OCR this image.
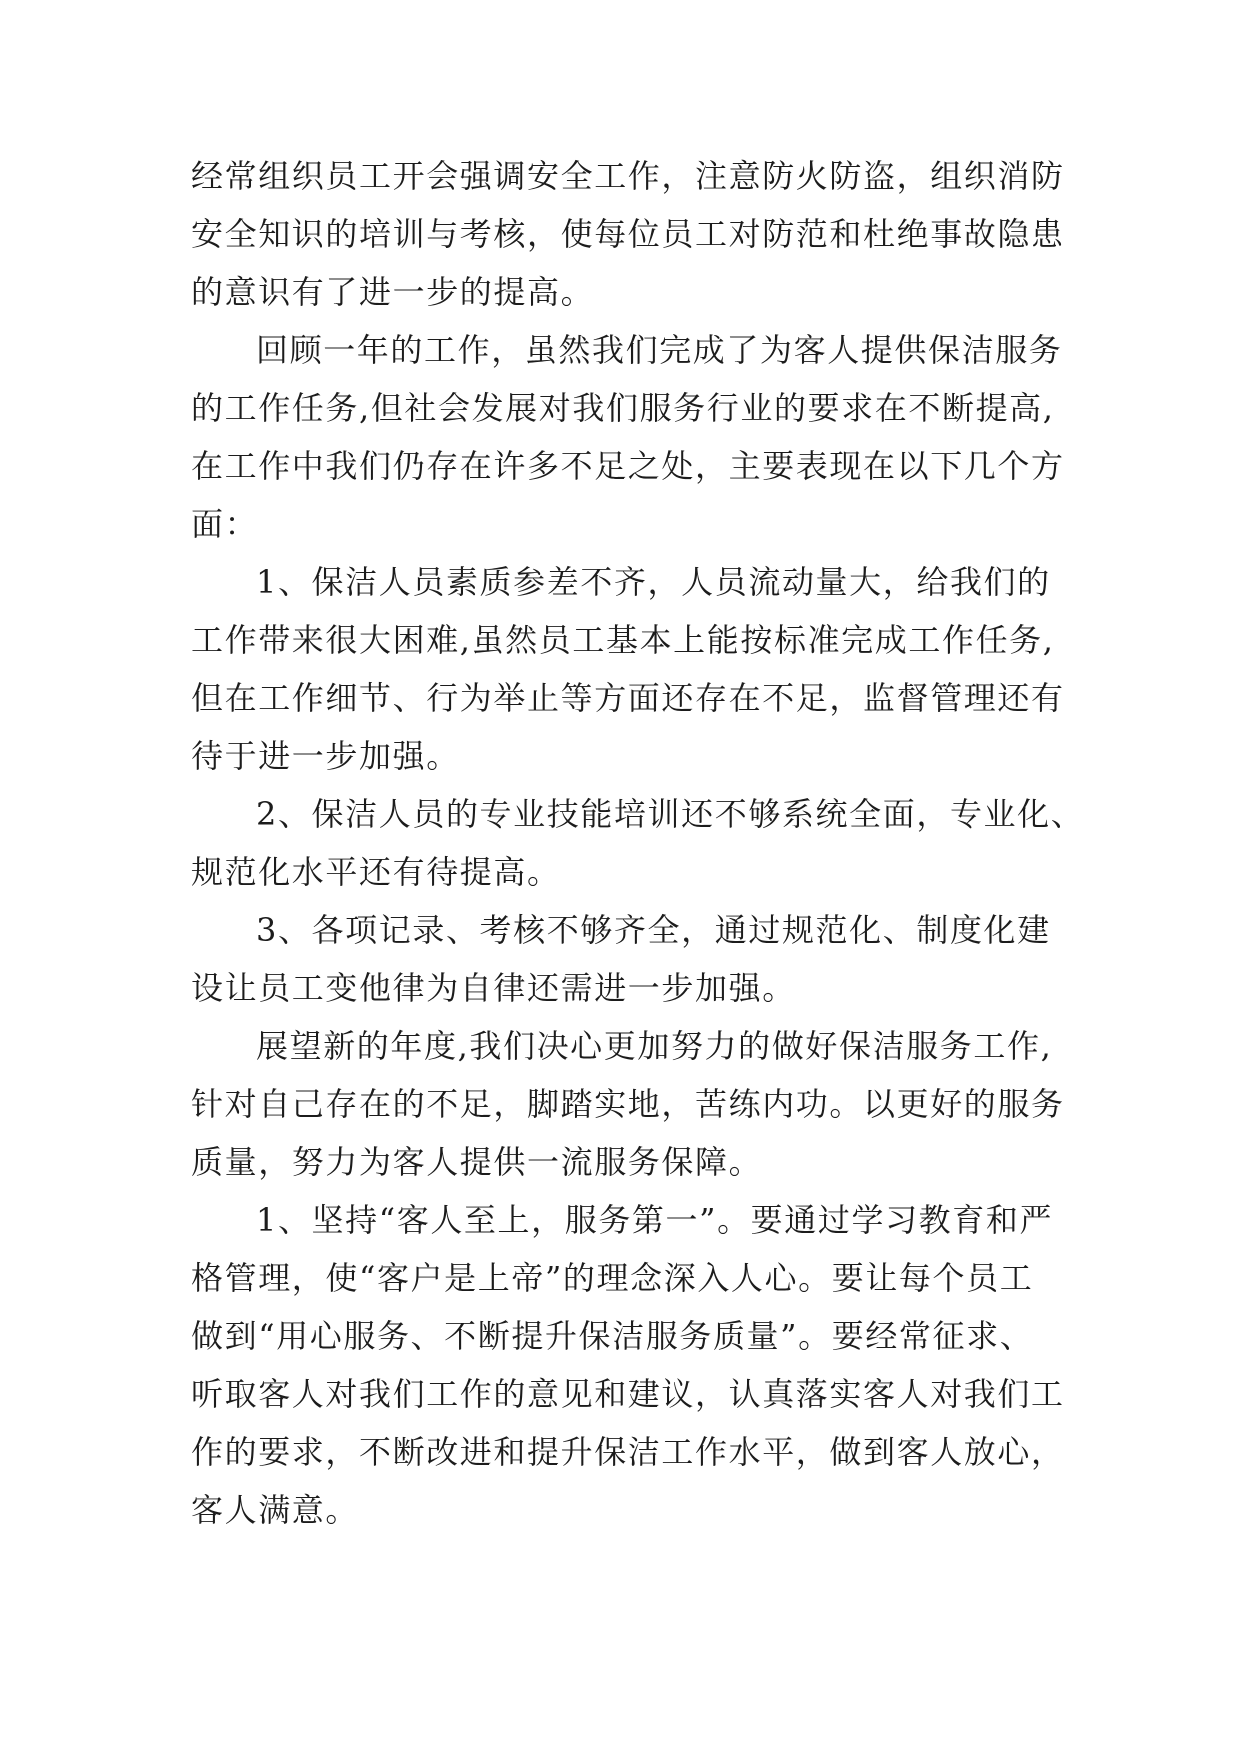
经常组织员工开会强调安全工作，注意防火防盗，组织消防
安全知识的培训与考核，使每位员工对防范和杜绝事故隐患
的意识有了进一步的提高。
回顾一年的工作，虽然我们完成了为客人提供保洁服务
的工作任务,但社会发展对我们服务行业的要求在不断提高,
在工作中我们仍存在许多不足之处，主要表现在以下几个方
面：
1、保洁人员素质参差不齐，人员流动量大，给我们的
工作带来很大困难,虽然员工基本上能按标准完成工作任务,
但在工作细节、行为举止等方面还存在不足，监督管理还有
待于进一步加强。
2、保洁人员的专业技能培训还不够系统全面，专业化、
规范化水平还有待提高。
3、各项记录、考核不够齐全，通过规范化、制度化建
设让员工变他律为自律还需进一步加强。
展望新的年度,我们决心更加努力的做好保洁服务工作,
针对自己存在的不足，脚踏实地，苦练内功。以更好的服务
质量，努力为客人提供一流服务保障。
1、坚持“客人至上，服务第一”。要通过学习教育和严
格管理，使“客户是上帝”的理念深入人心。要让每个员工
做到“用心服务、不断提升保洁服务质量”。要经常征求、
听取客人对我们工作的意见和建议，认真落实客人对我们工
作的要求，不断改进和提升保洁工作水平，做到客人放心，
客人满意。
